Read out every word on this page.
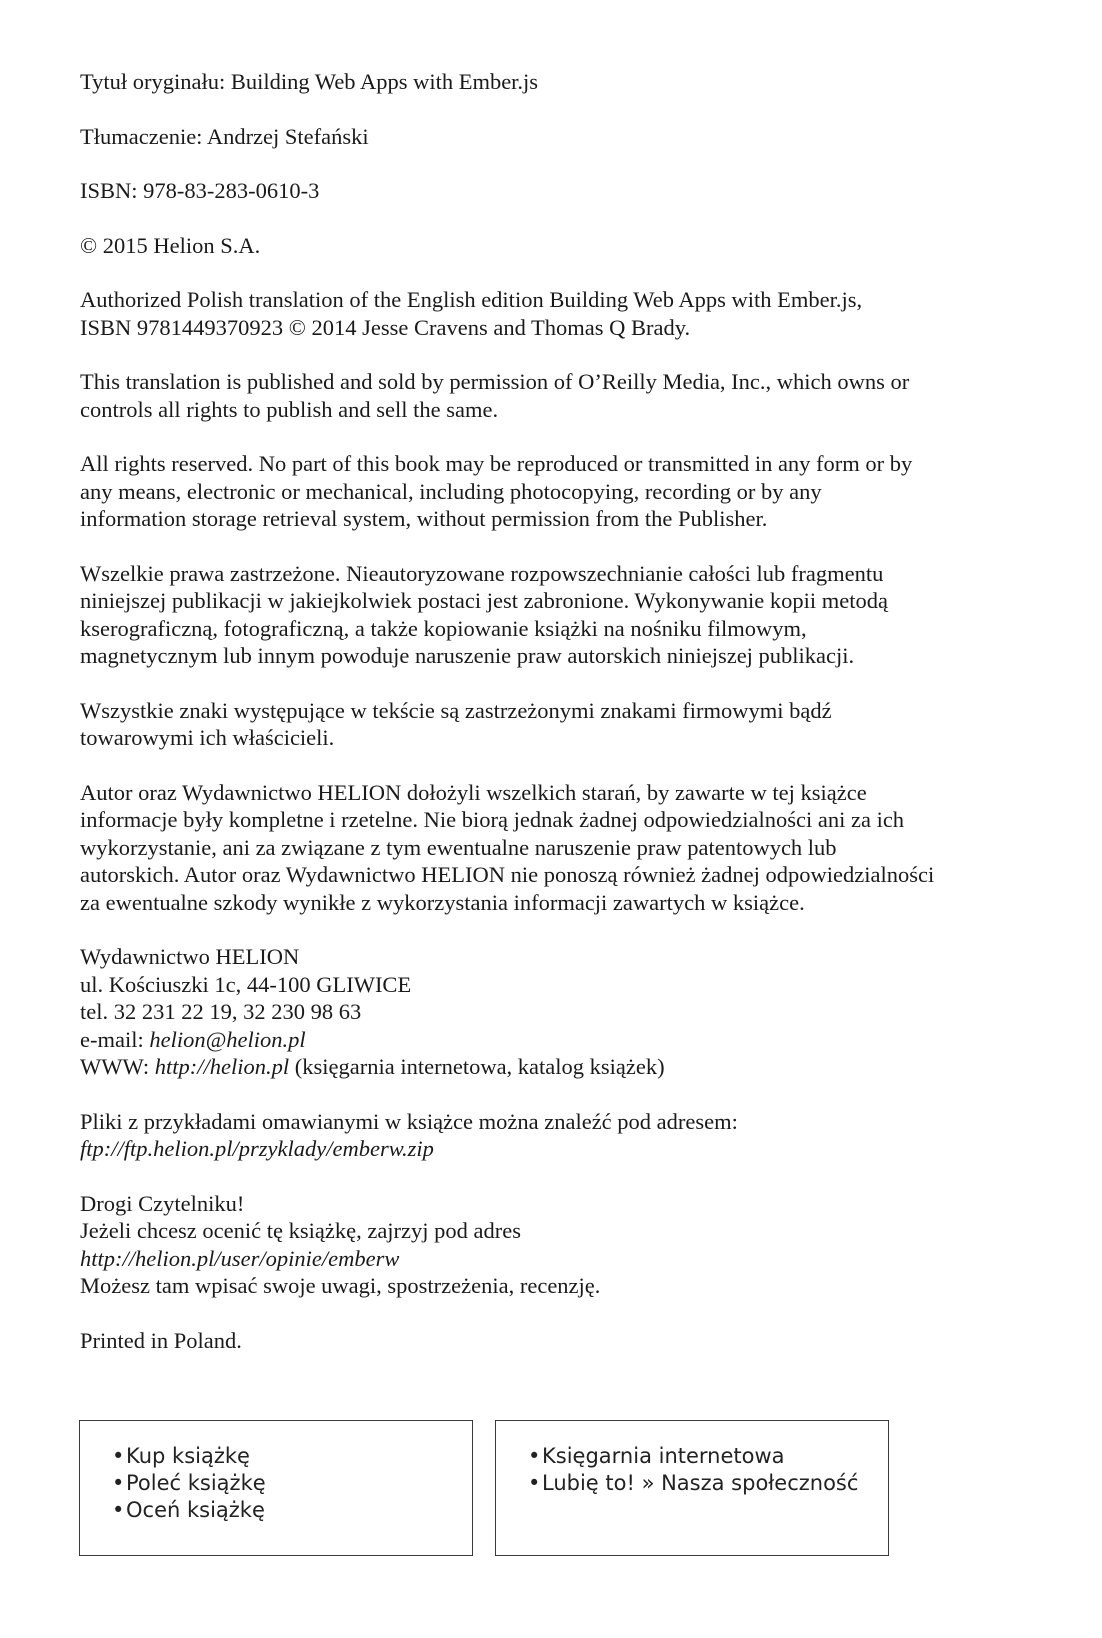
Tytuł oryginału: Building Web Apps with Ember.js

Tłumaczenie: Andrzej Stefański

ISBN: 978-83-283-0610-3

© 2015 Helion S.A.

Authorized Polish translation of the English edition Building Web Apps with Ember.js,
ISBN 9781449370923 © 2014 Jesse Cravens and Thomas Q Brady.

This translation is published and sold by permission of O’Reilly Media, Inc., which owns or
controls all rights to publish and sell the same.

All rights reserved. No part of this book may be reproduced or transmitted in any form or by
any means, electronic or mechanical, including photocopying, recording or by any
information storage retrieval system, without permission from the Publisher.

Wszelkie prawa zastrzeżone. Nieautoryzowane rozpowszechnianie całości lub fragmentu
niniejszej publikacji w jakiejkolwiek postaci jest zabronione. Wykonywanie kopii metodą
kserograficzną, fotograficzną, a także kopiowanie książki na nośniku filmowym,
magnetycznym lub innym powoduje naruszenie praw autorskich niniejszej publikacji.

Wszystkie znaki występujące w tekście są zastrzeżonymi znakami firmowymi bądź
towarowymi ich właścicieli.

Autor oraz Wydawnictwo HELION dołożyli wszelkich starań, by zawarte w tej książce
informacje były kompletne i rzetelne. Nie biorą jednak żadnej odpowiedzialności ani za ich
wykorzystanie, ani za związane z tym ewentualne naruszenie praw patentowych lub
autorskich. Autor oraz Wydawnictwo HELION nie ponoszą również żadnej odpowiedzialności
za ewentualne szkody wynikłe z wykorzystania informacji zawartych w książce.

Wydawnictwo HELION
ul. Kościuszki 1c, 44-100 GLIWICE
tel. 32 231 22 19, 32 230 98 63
e-mail: helion@helion.pl
WWW: http://helion.pl (księgarnia internetowa, katalog książek)

Pliki z przykładami omawianymi w książce można znaleźć pod adresem:
ftp://ftp.helion.pl/przyklady/emberw.zip

Drogi Czytelniku!
Jeżeli chcesz ocenić tę książkę, zajrzyj pod adres
http://helion.pl/user/opinie/emberw
Możesz tam wpisać swoje uwagi, spostrzeżenia, recenzję.

Printed in Poland.

•Kup książkę
•Poleć książkę
•Oceń książkę
•Księgarnia internetowa
•Lubię to! » Nasza społeczność
